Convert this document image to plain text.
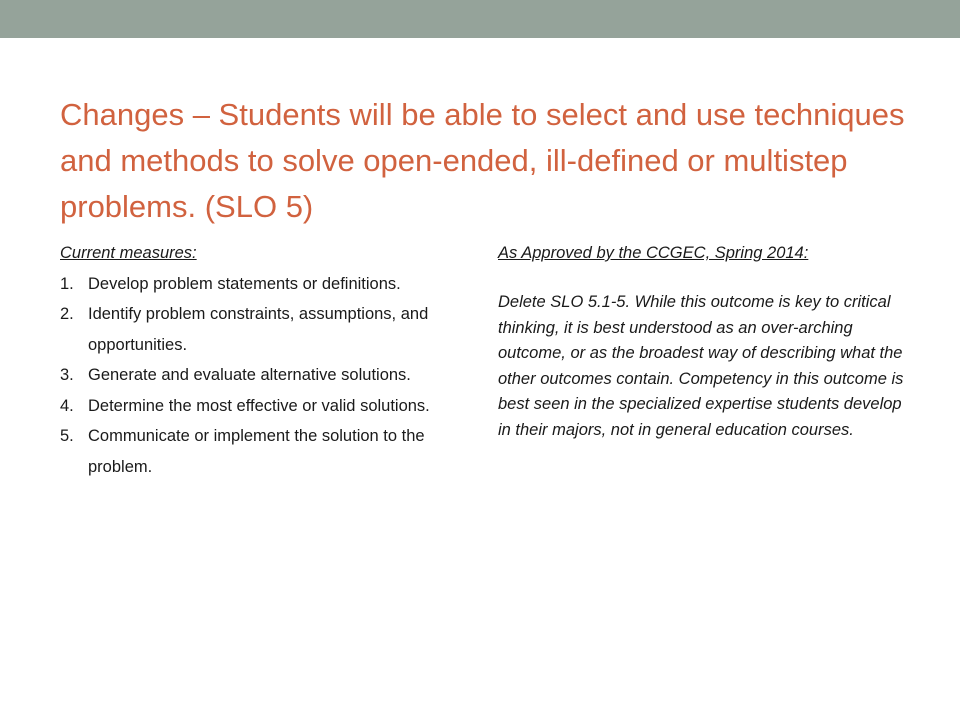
Changes – Students will be able to select and use techniques and methods to solve open-ended, ill-defined or multistep problems. (SLO 5)

Current measures:

1. Develop problem statements or definitions.
2. Identify problem constraints, assumptions, and opportunities.
3. Generate and evaluate alternative solutions.
4. Determine the most effective or valid solutions.
5. Communicate or implement the solution to the problem.

As Approved by the CCGEC, Spring 2014:

Delete SLO 5.1-5. While this outcome is key to critical thinking, it is best understood as an over-arching outcome, or as the broadest way of describing what the other outcomes contain. Competency in this outcome is best seen in the specialized expertise students develop in their majors, not in general education courses.
